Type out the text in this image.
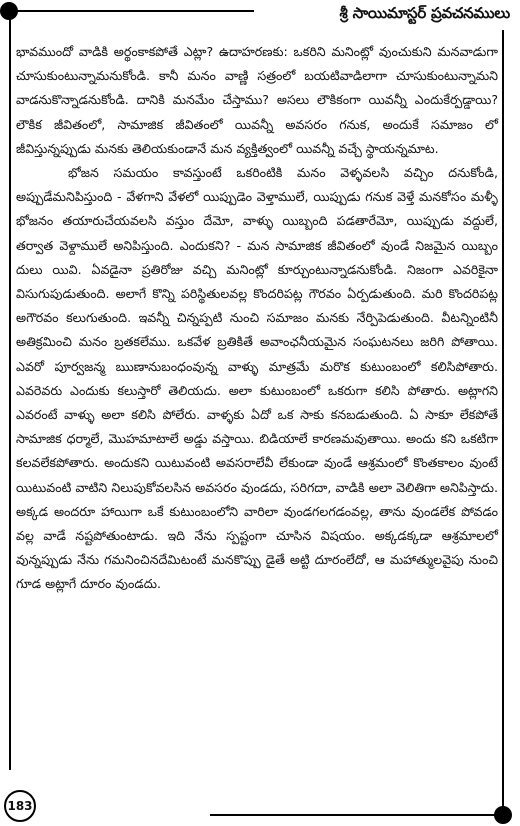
శ్రీ సాయిమాస్టర్ ప్రవచనములు

భావముందో వాడికి అర్థంకాకపోతే ఎట్లా? ఉదాహరణకు: ఒకరిని మనింట్లో వుంచుకుని మనవాడుగా చూసుకుంటున్నామనుకోండి. కానీ మనం వాణ్ణి సత్రంలో బయటివాడిలాగా చూసుకుంటున్నామని వాడనుకొన్నాడనుకోండి. దానికి మనమేం చేస్తాము? అసలు లౌకికంగా యివన్నీ ఎందుకేర్పడ్డాయి? లౌకిక జీవితంలో, సామాజిక జీవితంలో యివన్నీ అవసరం గనుక, అందుకే సమాజం లో జీవిస్తున్నప్పుడు మనకు తెలియకుండానే మన వ్యక్తిత్వంలో యివన్నీ వచ్చే స్థాయన్నమాట.

భోజన సమయం కావస్తుంటే ఒకరింటికి మనం వెళ్ళవలసి వచ్చిం దనుకోండి, అప్పుడేమనిపిస్తుంది - వేళగాని వేళలో యిప్పుడెం వెళ్తాములే, యిప్పుడు గనుక వెళ్తే మనకోసం మళ్ళీ భోజనం తయారుచేయవలసి వస్తుం దేమో, వాళ్ళు యిబ్బంది పడతారేమో, యిప్పుడు వద్దులే, తర్వాత వెళ్దాములే అనిపిస్తుంది. ఎందుకని? - మన సామాజిక జీవితంలో వుండే నిజమైన యిబ్బం దులు యివి. ఏవడైనా ప్రతిరోజు వచ్చి మనింట్లో కూర్చుంటున్నాడనుకోండి. నిజంగా ఎవరికైనా విసుగుపుడుతుంది. అలాగే కొన్ని పరిస్థితులవల్ల కొందరిపట్ల గౌరవం ఏర్పడుతుంది. మరి కొందరిపట్ల అగౌరవం కలుగుతుంది. ఇవన్నీ చిన్నప్పటి నుంచి సమాజం మనకు నేర్పిపెడుతుంది. వీటన్నింటినీ అతిక్రమించి మనం బ్రతకలేము. ఒకవేళ బ్రతికితే అవాంఛనీయమైన సంఘటనలు జరిగి పోతాయి. ఎవరో పూర్వజన్మ ఋణానుబంధంవున్న వాళ్ళు మాత్రమే మరొక కుటుంబంలో కలిసిపోతారు. ఎవరెవరు ఎందుకు కలుస్తారో తెలియదు. అలా కుటుంబంలో ఒకరుగా కలిసి పోతారు. అట్లాగని ఎవరంటే వాళ్ళు అలా కలిసి పోలేరు. వాళ్ళకు ఏదో ఒక సాకు కనబడుతుంది. ఏ సాకూ లేకపోతే సామాజిక ధర్మాలే, మొహమాటాలే అడ్డు వస్తాయి. బిడియాలే కారణమవుతాయి. అందు కని ఒకటిగా కలవలేకపోతారు. అందుకని యిటువంటి అవసరాలేవీ లేకుండా వుండే ఆశ్రమంలో కొంతకాలం వుంటే యిటువంటి వాటిని నిలుపుకోవలసిన అవసరం వుండదు, సరిగదా, వాడికి అలా వెలితిగా అనిపిస్తాదు. అక్కడ అందరూ హాయిగా ఒకే కుటుంబంలోని వారిలా వుండగలగడంవల్ల, తాను వుండలేక పోవడం వల్ల వాడే నష్టపోతుంటాడు. ఇది నేను స్పష్టంగా చూసిన విషయం. అక్కడక్కడా ఆశ్రమాలలో వున్నప్పుడు నేను గమనించినదేమిటంటే మనకొప్పు డైతే అట్టి దూరంలేదో, ఆ మహాత్ములవైపు నుంచి గూడ అట్లాగే దూరం వుండదు.

183
